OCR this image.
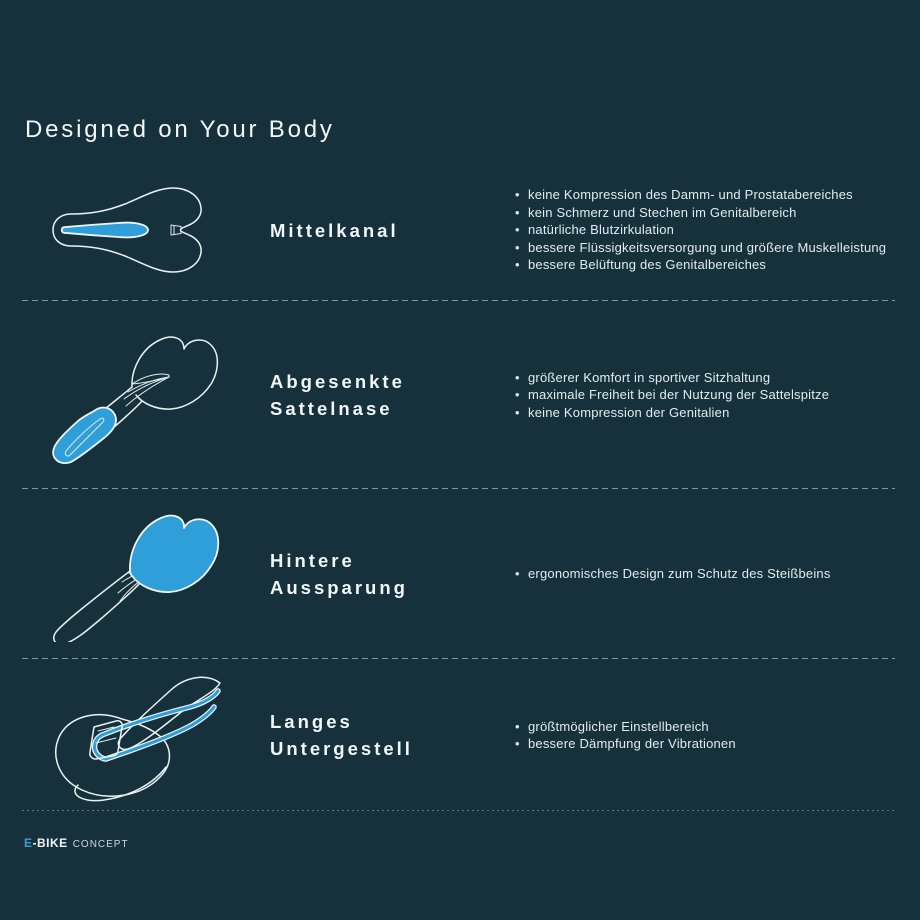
Designed on Your Body
Mittelkanal
• keine Kompression des Damm- und Prostatabereiches
• kein Schmerz und Stechen im Genitalbereich
• natürliche Blutzirkulation
• bessere Flüssigkeitsversorgung und größere Muskelleistung
• bessere Belüftung des Genitalbereiches
Abgesenkte Sattelnase
• größerer Komfort in sportiver Sitzhaltung
• maximale Freiheit bei der Nutzung der Sattelspitze
• keine Kompression der Genitalien
Hintere Aussparung
• ergonomisches Design zum Schutz des Steißbeins
Langes Untergestell
• größtmöglicher Einstellbereich
• bessere Dämpfung der Vibrationen
E -BIKE CONCEPT
